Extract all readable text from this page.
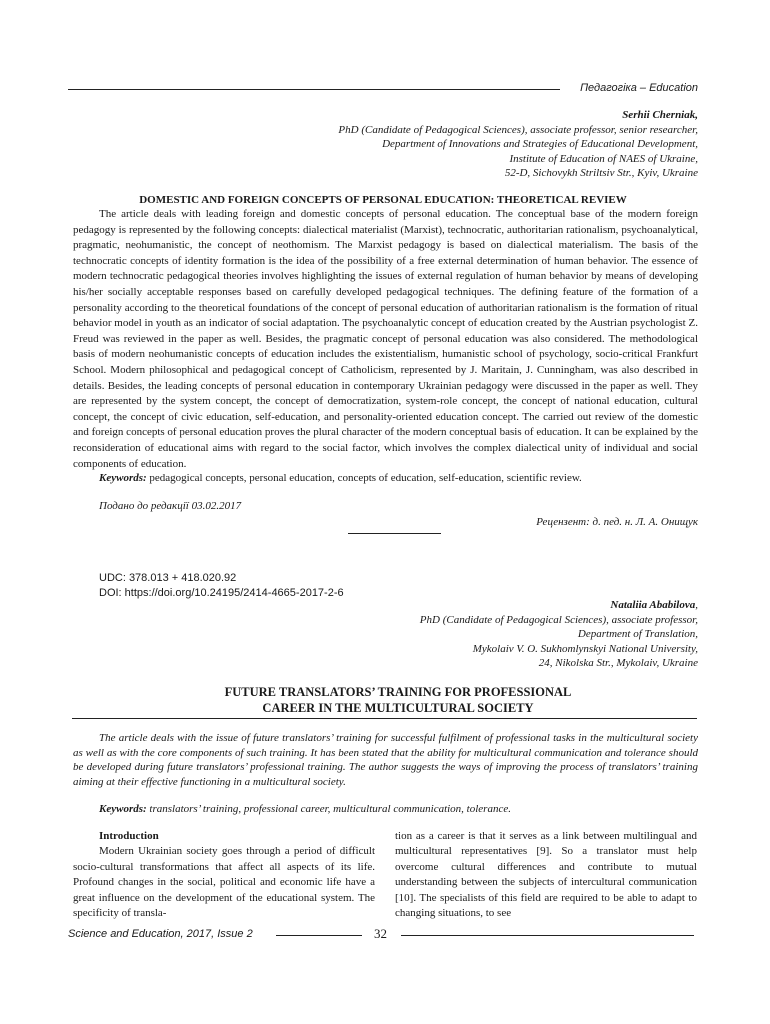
Педагогіка – Education
Serhii Cherniak,
PhD (Candidate of Pedagogical Sciences), associate professor, senior researcher,
Department of Innovations and Strategies of Educational Development,
Institute of Education of NAES of Ukraine,
52-D, Sichovykh Striltsiv Str., Kyiv, Ukraine
DOMESTIC AND FOREIGN CONCEPTS OF PERSONAL EDUCATION: THEORETICAL REVIEW

The article deals with leading foreign and domestic concepts of personal education. The conceptual base of the modern foreign pedagogy is represented by the following concepts: dialectical materialist (Marxist), technocratic, authoritarian rationalism, psychoanalytical, pragmatic, neohumanistic, the concept of neothomism. The Marxist pedagogy is based on dialectical materialism. The basis of the technocratic concepts of identity formation is the idea of the possibility of a free external determination of human behavior. The essence of modern technocratic pedagogical theories involves highlighting the issues of external regulation of human behavior by means of developing his/her socially acceptable responses based on carefully developed pedagogical techniques. The defining feature of the formation of a personality according to the theoretical foundations of the concept of personal education of authoritarian rationalism is the formation of ritual behavior model in youth as an indicator of social adaptation. The psychoanalytic concept of education created by the Austrian psychologist Z. Freud was reviewed in the paper as well. Besides, the pragmatic concept of personal education was also considered. The methodological basis of modern neohumanistic concepts of education includes the existentialism, humanistic school of psychology, socio-critical Frankfurt School. Modern philosophical and pedagogical concept of Catholicism, represented by J. Maritain, J. Cunningham, was also described in details. Besides, the leading concepts of personal education in contemporary Ukrainian pedagogy were discussed in the paper as well. They are represented by the system concept, the concept of democratization, system-role concept, the concept of national education, cultural concept, the concept of civic education, self-education, and personality-oriented education concept. The carried out review of the domestic and foreign concepts of personal education proves the plural character of the modern conceptual basis of education. It can be explained by the reconsideration of educational aims with regard to the social factor, which involves the complex dialectical unity of individual and social components of education.

Keywords: pedagogical concepts, personal education, concepts of education, self-education, scientific review.
Подано до редакції 03.02.2017
Рецензент: д. пед. н. Л. А. Онищук
UDC: 378.013 + 418.020.92
DOI: https://doi.org/10.24195/2414-4665-2017-2-6
Nataliia Ababilova,
PhD (Candidate of Pedagogical Sciences), associate professor,
Department of Translation,
Mykolaiv V. O. Sukhomlynskyi National University,
24, Nikolska Str., Mykolaiv, Ukraine
FUTURE TRANSLATORS’ TRAINING FOR PROFESSIONAL
CAREER IN THE MULTICULTURAL SOCIETY

The article deals with the issue of future translators’ training for successful fulfilment of professional tasks in the multicultural society as well as with the core components of such training. It has been stated that the ability for multicultural communication and tolerance should be developed during future translators’ professional training. The author suggests the ways of improving the process of translators’ training aiming at their effective functioning in a multicultural society.

Keywords: translators’ training, professional career, multicultural communication, tolerance.
Introduction

Modern Ukrainian society goes through a period of difficult socio-cultural transformations that affect all aspects of its life. Profound changes in the social, political and economic life have a great influence on the development of the educational system. The specificity of transla-

tion as a career is that it serves as a link between multilingual and multicultural representatives [9]. So a translator must help overcome cultural differences and contribute to mutual understanding between the subjects of intercultural communication [10]. The specialists of this field are required to be able to adapt to changing situations, to see

Science and Education, 2017, Issue 2	32
